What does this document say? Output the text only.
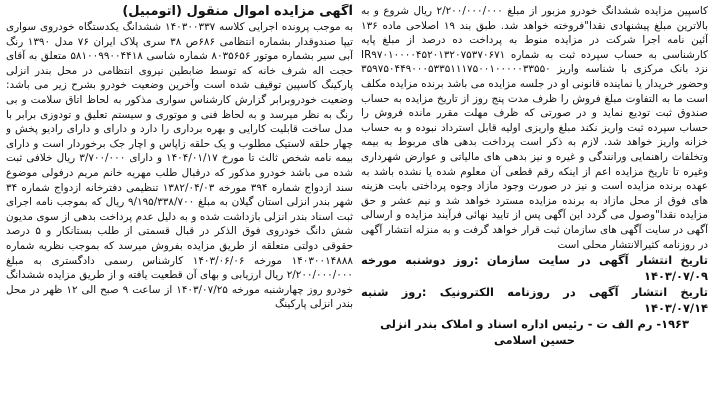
آگهی مزایده اموال منقول (اتومبیل)

به موجب پرونده اجرایی کلاسه ۱۴۰۳۰۰۳۳۷ ششدانگ یکدستگاه خودروی سواری تیپا صندوقدار بشماره انتظامی ۶۸۶ص ۳۸ سری پلاک ایران ۷۶ مدل ۱۳۹۰ رنگ آبی سیر بشماره موتور ۸۰۳۵۶۵۶ شماره شاسی ۵۸۱۰۰۹۹۰۰۴۴۱۸ متعلق به آقای حجت اله شرف خانه که توسط ضابطین نیروی انتظامی در محل بندر انزلی پارکینگ کاسپین توقیف شده است وآخرین وضعیت خودرو بشرح زیر می باشد: وضعیت خودروبرابر گزارش کارشناس سواری مذکور به لحاظ اتاق سلامت و بی رنگ به نظر میرسد و به لحاظ فنی و موتوری و سیستم تعلیق و تودوزی برابر با مدل ساخت قابلیت کارایی و بهره برداری را دارد و دارای و دارای رادیو پخش و چهار حلقه لاستیک مطلوب و یک حلقه زاپاس و اچار جک برخوردار است و دارای بیمه نامه شخص ثالث تا مورخ ۱۴۰۴/۰۱/۱۷ و دارای ۳/۷۰۰/۰۰۰ ریال خلافی ثبت شده می باشد خودرو مذکور که درقبال طلب مهریه خانم مریم درفولی موضوع سند ازدواج شماره ۳۹۴ مورخه ۱۳۸۲/۰۴/۰۳ تنظیمی دفترخانه ازدواج شماره ۳۴ شهر بندر انزلی استان گیلان به مبلغ ۹/۱۹۵/۳۳۸/۷۰۰ ریال که بموجب نامه اجرای ثبت اسناد بندر انزلی بازداشت شده و به دلیل عدم پرداخت بدهی از سوی مدیون شش دانگ خودروی فوق الذکر در قبال قسمتی از طلب بستانکار و ۵ درصد حقوقی دولتی متعلقه از طریق مزایده بفروش میرسد که بموجب نظریه شماره ۱۴۰۳۰۰۱۴۸۸۸ مورخه ۱۴۰۳/۰۶/۰۶ کارشناس رسمی دادگستری به مبلغ ۲/۲۰۰/۰۰۰/۰۰۰ ریال ارزیابی و بهای آن قطعیت یافته و از طریق مزایده ششدانگ خودرو روز چهارشنبه مورخه ۱۴۰۳/۰۷/۲۵ از ساعت ۹ صبح الی ۱۲ ظهر در محل بندر انزلی پارکینگ

کاسپین مزایده ششدانگ خودرو مزبور از مبلغ ۲/۲۰۰/۰۰۰/۰۰۰ ریال شروع و به بالاترین مبلغ پیشنهادی نقدا"فروخته خواهد شد. طبق بند ۱۹ اصلاحی ماده ۱۳۶ آئین نامه اجرا شرکت در مزایده منوط به پرداخت ده درصد از مبلغ پایه کارشناسی به حساب سپرده ثبت به شماره IR۹۷۰۱۰۰۰۰۴۵۲۰۱۳۲۰۷۵۳۷۰۶۷۱ نزد بانک مرکزی با شناسه واریز ۳۵۹۷۵۰۴۴۹۰۰۰۵۳۳۵۱۱۱۷۵۰۰۱۰۰۰۰۰۳۳۵۵۰ وحضور خریدار یا نماینده قانونی او در جلسه مزایده می باشد برنده مزایده مکلف است ما به التفاوت مبلغ فروش را ظرف مدت پنج روز از تاریخ مزایده به حساب صندوق ثبت تودیع نماید و در صورتی که ظرف مهلت مقرر مانده فروش را حساب سپرده ثبت واریز نکند مبلغ واریزی اولیه قابل استرداد نبوده و به حساب خزانه واریز خواهد شد. لازم به ذکر است پرداخت بدهی های مربوط به بیمه وتخلفات راهنمایی ورانندگی و غیره و نیز بدهی های مالیاتی و عوارض شهرداری وغیره تا تاریخ مزایده اعم از اینکه رقم قطعی آن معلوم شده یا نشده باشد به عهده برنده مزایده است و نیز در صورت وجود مازاد وجوه پرداختی بابت هزینه های فوق از محل مازاد به برنده مزایده مسترد خواهد شد و نیم عشر و حق مزایده نقدا"وصول می گردد این آگهی پس از تایید نهائی فرآیند مزایده و ارسالی آگهی در سایت آگهی های سازمان ثبت قرار خواهد گرفت و به منزله انتشار آگهی در روزنامه کثیرالانتشار محلی است

تاریخ انتشار آگهی در سایت سازمان :روز دوشنبه مورخه ۱۴۰۳/۰۷/۰۹

تاریخ انتشار آگهی در روزنامه الکترونیک :روز شنبه ۱۴۰۳/۰۷/۱۴

۱۹۶۳- رم الف ت - رئیس اداره اسناد و املاک بندر انزلی

حسین اسلامی
